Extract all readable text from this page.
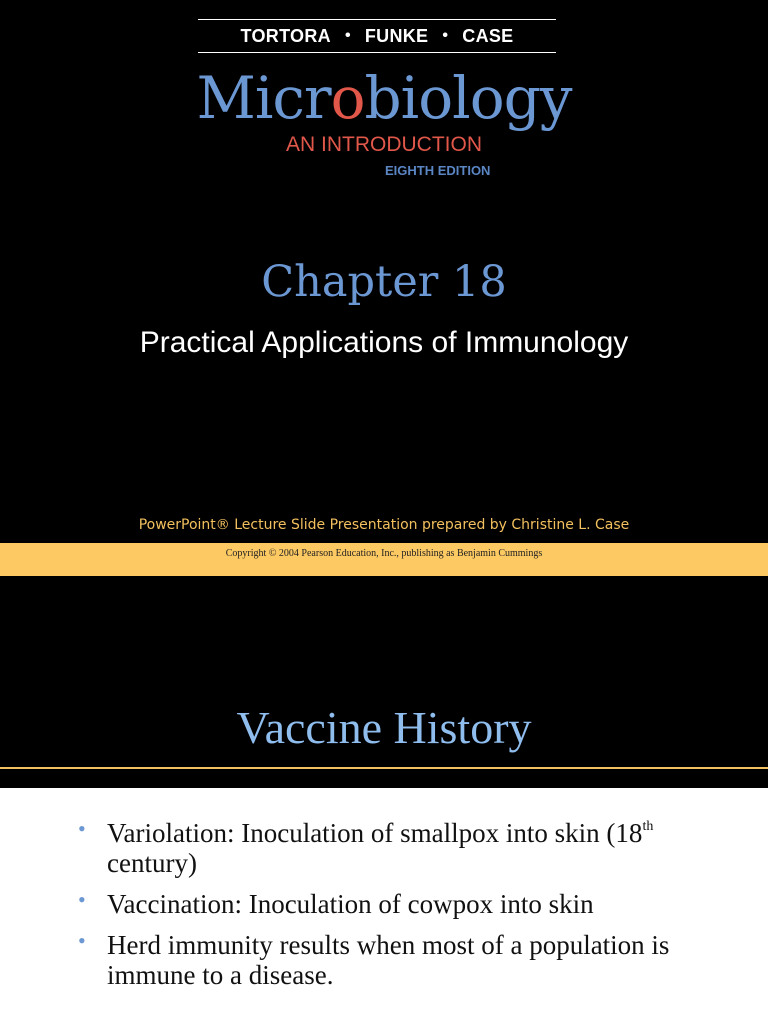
TORTORA • FUNKE • CASE
Microbiology
AN INTRODUCTION
EIGHTH EDITION
Chapter 18
Practical Applications of Immunology
PowerPoint® Lecture Slide Presentation prepared by Christine L. Case
Copyright © 2004 Pearson Education, Inc., publishing as Benjamin Cummings
Vaccine History
• Variolation: Inoculation of smallpox into skin (18th century)
• Vaccination: Inoculation of cowpox into skin
• Herd immunity results when most of a population is immune to a disease.
